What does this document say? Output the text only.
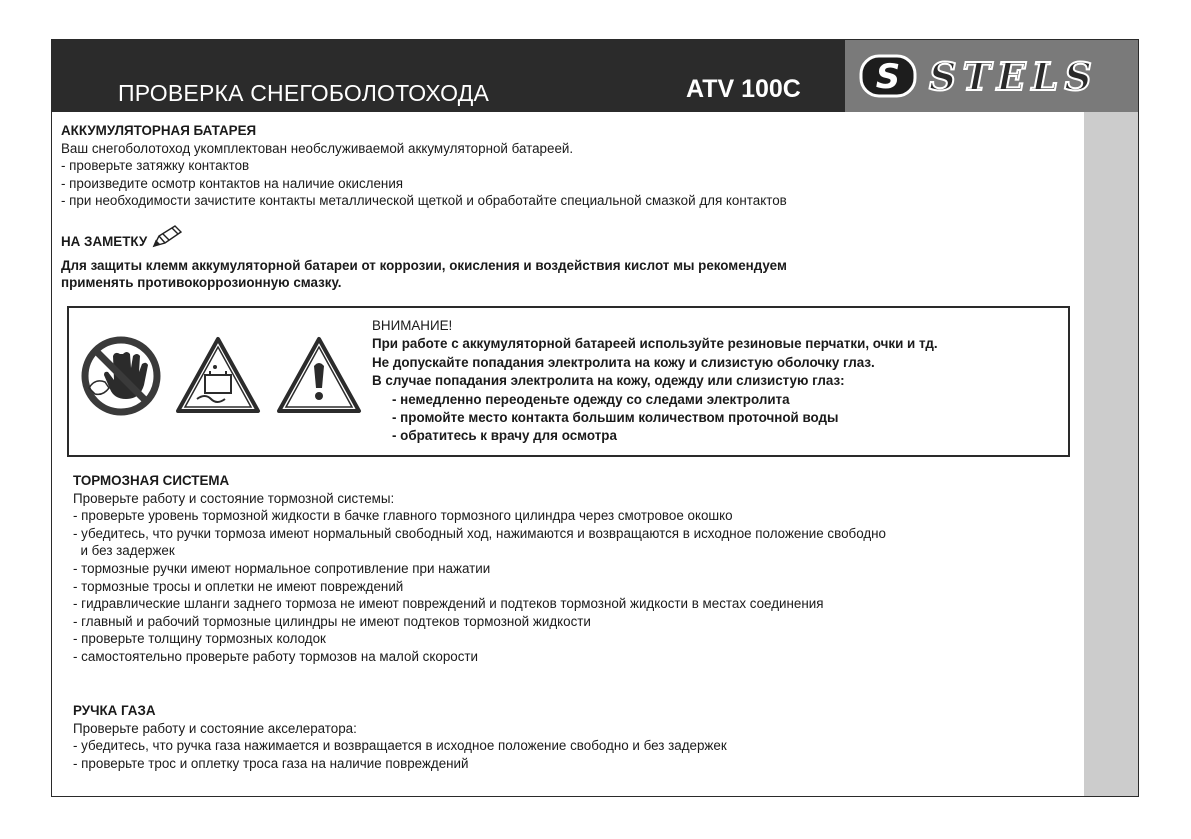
ПРОВЕРКА СНЕГОБОЛОТОХОДА	ATV 100C S STELS
АККУМУЛЯТОРНАЯ БАТАРЕЯ
Ваш снегоболотоход укомплектован необслуживаемой аккумуляторной батареей.
- проверьте затяжку контактов
- произведите осмотр контактов на наличие окисления
- при необходимости зачистите контакты металлической щеткой и обработайте специальной смазкой для контактов
НА ЗАМЕТКУ
Для защиты клемм аккумуляторной батареи от коррозии, окисления и воздействия кислот мы рекомендуем
применять противокоррозионную смазку.
ВНИМАНИЕ!
При работе с аккумуляторной батареей используйте резиновые перчатки, очки и тд.
Не допускайте попадания электролита на кожу и слизистую оболочку глаз.
В случае попадания электролита на кожу, одежду или слизистую глаз:
- немедленно переоденьте одежду со следами электролита
- промойте место контакта большим количеством проточной воды
- обратитесь к врачу для осмотра
ТОРМОЗНАЯ СИСТЕМА
Проверьте работу и состояние тормозной системы:
- проверьте уровень тормозной жидкости в бачке главного тормозного цилиндра через смотровое окошко
- убедитесь, что ручки тормоза имеют нормальный свободный ход, нажимаются и возвращаются в исходное положение свободно
и без задержек
- тормозные ручки имеют нормальное сопротивление при нажатии
- тормозные тросы и оплетки не имеют повреждений
- гидравлические шланги заднего тормоза не имеют повреждений и подтеков тормозной жидкости в местах соединения
- главный и рабочий тормозные цилиндры не имеют подтеков тормозной жидкости
- проверьте толщину тормозных колодок
- самостоятельно проверьте работу тормозов на малой скорости
РУЧКА ГАЗА
Проверьте работу и состояние акселератора:
- убедитесь, что ручка газа нажимается и возвращается в исходное положение свободно и без задержек
- проверьте трос и оплетку троса газа на наличие повреждений
